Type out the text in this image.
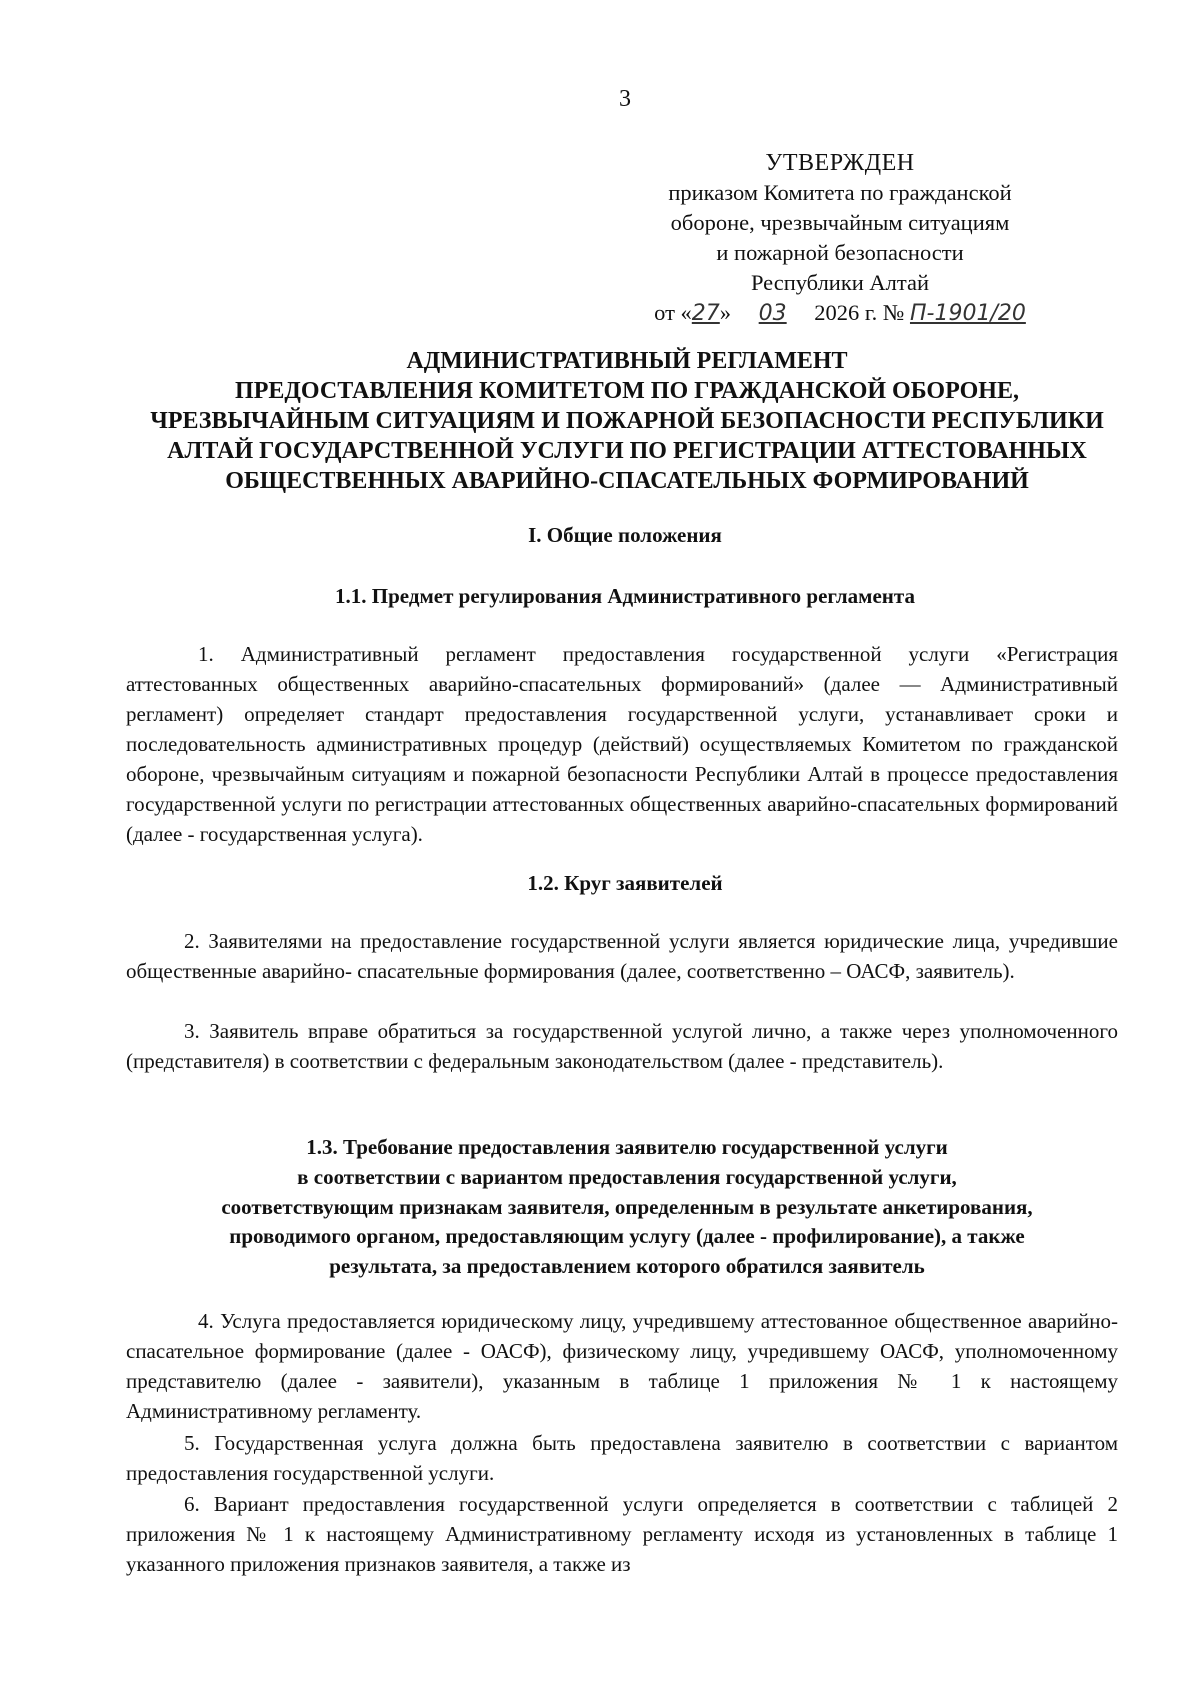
3
УТВЕРЖДЕН
приказом Комитета по гражданской
обороне, чрезвычайным ситуациям
и пожарной безопасности
Республики Алтай
от «27» 03 2026 г. № П-1901/20
АДМИНИСТРАТИВНЫЙ РЕГЛАМЕНТ
ПРЕДОСТАВЛЕНИЯ КОМИТЕТОМ ПО ГРАЖДАНСКОЙ ОБОРОНЕ,
ЧРЕЗВЫЧАЙНЫМ СИТУАЦИЯМ И ПОЖАРНОЙ БЕЗОПАСНОСТИ РЕСПУБЛИКИ
АЛТАЙ ГОСУДАРСТВЕННОЙ УСЛУГИ ПО РЕГИСТРАЦИИ АТТЕСТОВАННЫХ
ОБЩЕСТВЕННЫХ АВАРИЙНО-СПАСАТЕЛЬНЫХ ФОРМИРОВАНИЙ
I. Общие положения
1.1. Предмет регулирования Административного регламента
1. Административный регламент предоставления государственной услуги «Регистрация аттестованных общественных аварийно-спасательных формирований» (далее — Административный регламент) определяет стандарт предоставления государственной услуги, устанавливает сроки и последовательность административных процедур (действий) осуществляемых Комитетом по гражданской обороне, чрезвычайным ситуациям и пожарной безопасности Республики Алтай в процессе предоставления государственной услуги по регистрации аттестованных общественных аварийно-спасательных формирований (далее - государственная услуга).
1.2. Круг заявителей
2. Заявителями на предоставление государственной услуги является юридические лица, учредившие общественные аварийно- спасательные формирования (далее, соответственно – ОАСФ, заявитель).
3. Заявитель вправе обратиться за государственной услугой лично, а также через уполномоченного (представителя) в соответствии с федеральным законодательством (далее - представитель).
1.3. Требование предоставления заявителю государственной услуги
в соответствии с вариантом предоставления государственной услуги,
соответствующим признакам заявителя, определенным в результате анкетирования,
проводимого органом, предоставляющим услугу (далее - профилирование), а также
результата, за предоставлением которого обратился заявитель
4. Услуга предоставляется юридическому лицу, учредившему аттестованное общественное аварийно-спасательное формирование (далее - ОАСФ), физическому лицу, учредившему ОАСФ, уполномоченному представителю (далее - заявители), указанным в таблице 1 приложения № 1 к настоящему Административному регламенту.
5. Государственная услуга должна быть предоставлена заявителю в соответствии с вариантом предоставления государственной услуги.
6. Вариант предоставления государственной услуги определяется в соответствии с таблицей 2 приложения № 1 к настоящему Административному регламенту исходя из установленных в таблице 1 указанного приложения признаков заявителя, а также из
